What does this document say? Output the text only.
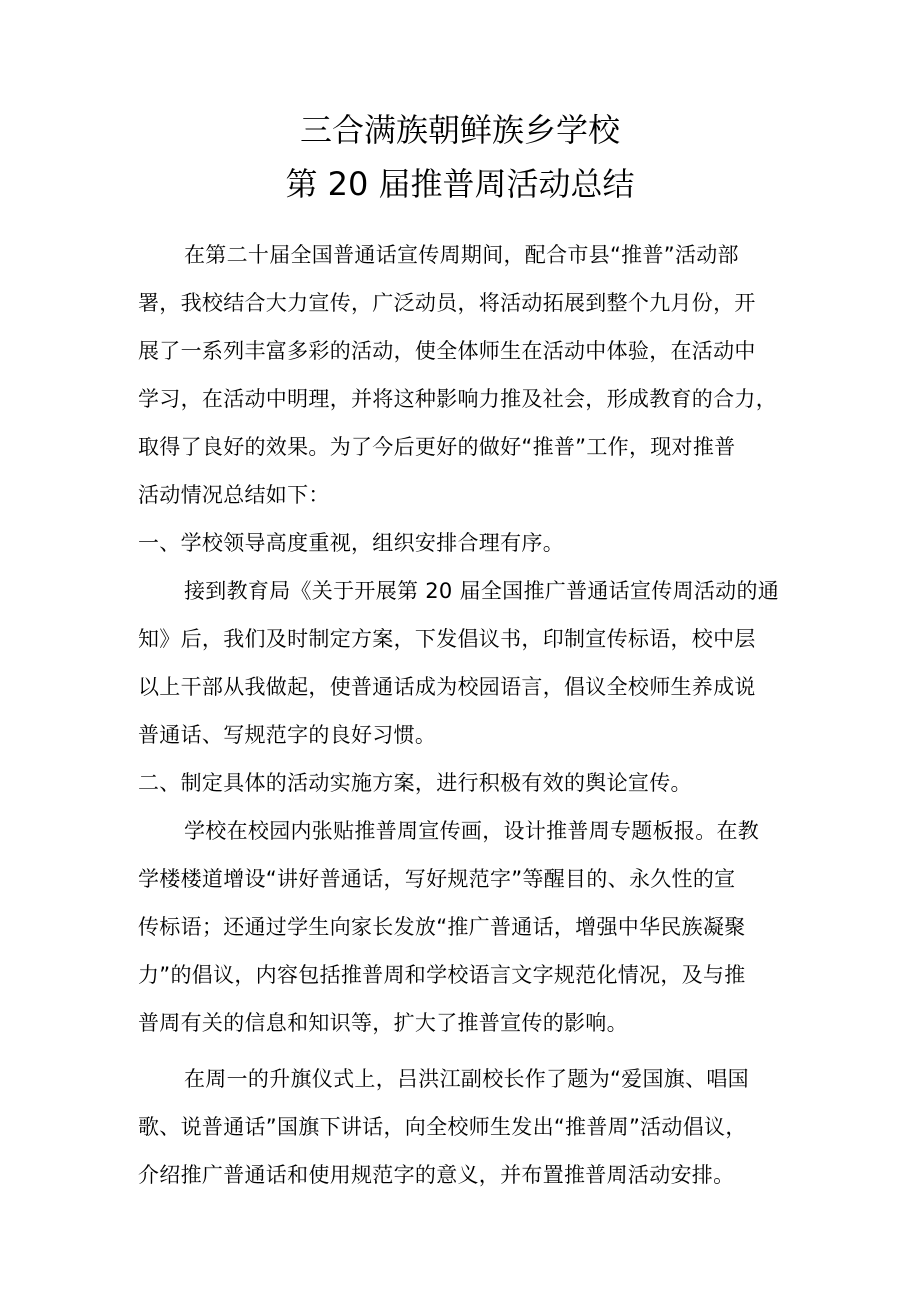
三合满族朝鲜族乡学校
第 20 届推普周活动总结

在第二十届全国普通话宣传周期间，配合市县“推普”活动部

署，我校结合大力宣传，广泛动员，将活动拓展到整个九月份，开

展了一系列丰富多彩的活动，使全体师生在活动中体验，在活动中

学习，在活动中明理，并将这种影响力推及社会，形成教育的合力，

取得了良好的效果。为了今后更好的做好“推普”工作，现对推普

活动情况总结如下：

一、学校领导高度重视，组织安排合理有序。

接到教育局《关于开展第 20 届全国推广普通话宣传周活动的通

知》后，我们及时制定方案，下发倡议书，印制宣传标语，校中层

以上干部从我做起，使普通话成为校园语言，倡议全校师生养成说

普通话、写规范字的良好习惯。

二、制定具体的活动实施方案，进行积极有效的舆论宣传。

学校在校园内张贴推普周宣传画，设计推普周专题板报。在教

学楼楼道增设“讲好普通话，写好规范字”等醒目的、永久性的宣

传标语；还通过学生向家长发放“推广普通话，增强中华民族凝聚

力”的倡议，内容包括推普周和学校语言文字规范化情况，及与推

普周有关的信息和知识等，扩大了推普宣传的影响。

在周一的升旗仪式上，吕洪江副校长作了题为“爱国旗、唱国

歌、说普通话”国旗下讲话，向全校师生发出“推普周”活动倡议，

介绍推广普通话和使用规范字的意义，并布置推普周活动安排。
